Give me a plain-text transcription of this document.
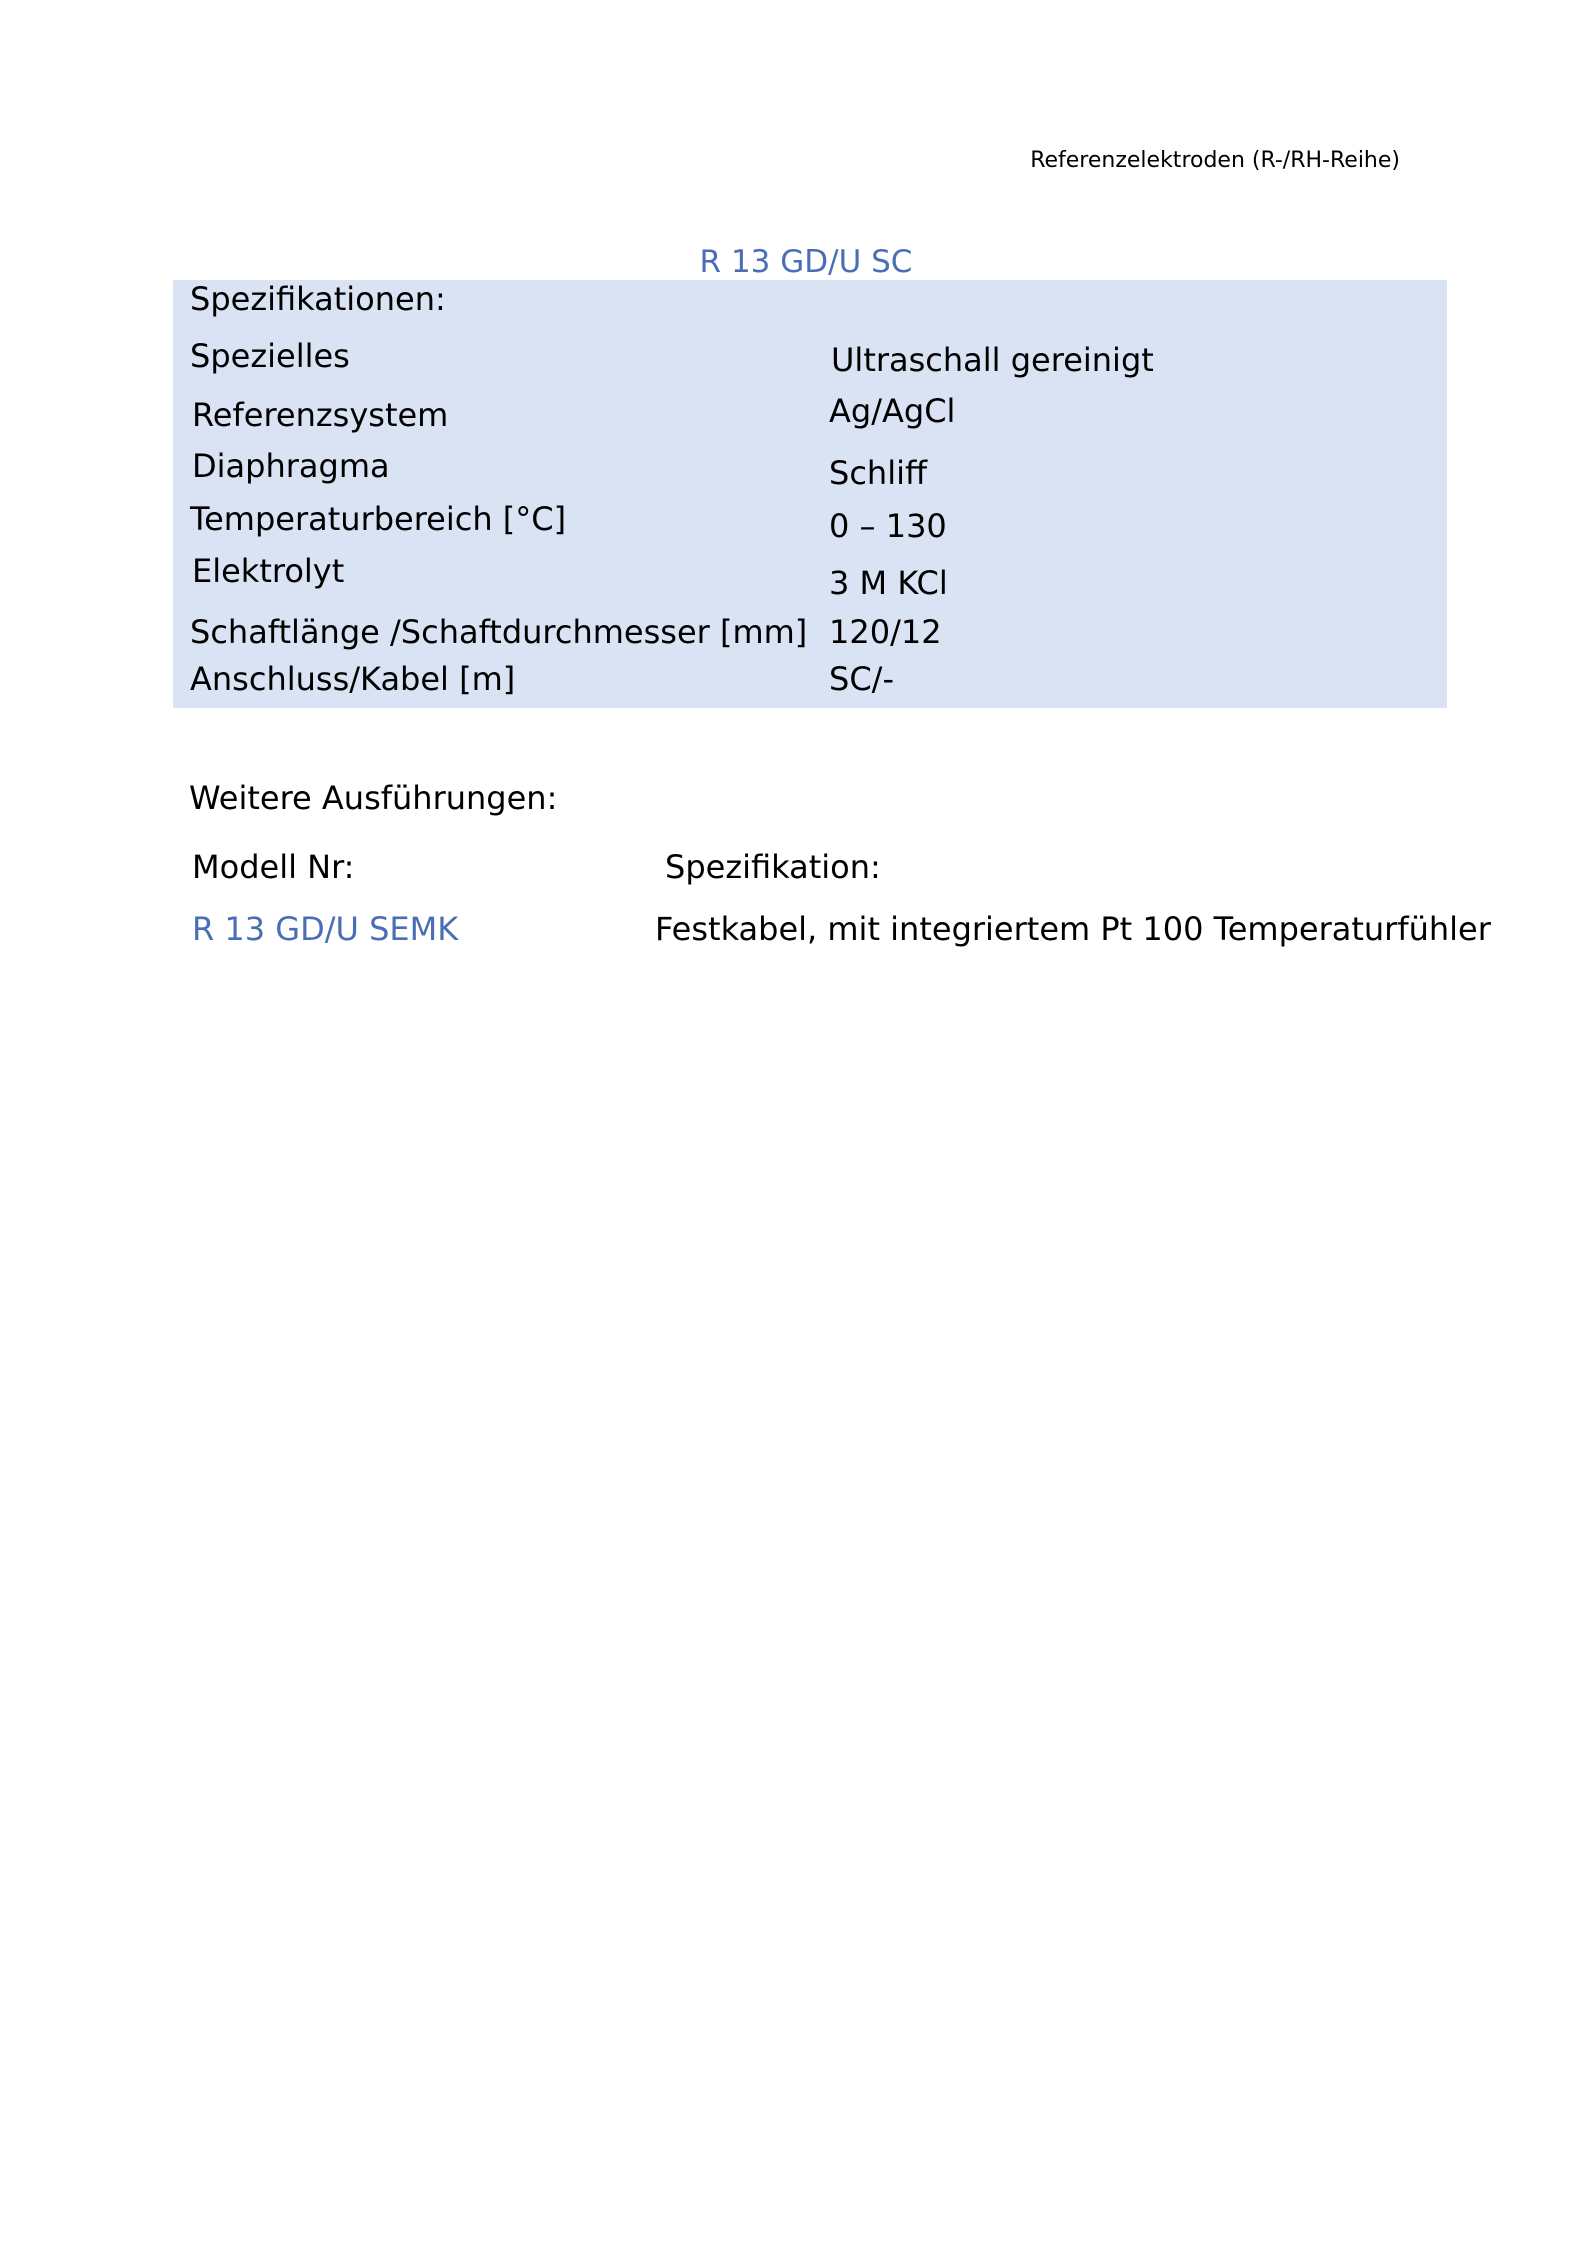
Referenzelektroden (R-/RH-Reihe)
R 13 GD/U SC
Spezifikationen:
Spezielles	Ultraschall gereinigt
Referenzsystem	Ag/AgCl
Diaphragma	Schliff
Temperaturbereich [°C]	0 – 130
Elektrolyt	3 M KCl
Schaftlänge /Schaftdurchmesser [mm] 120/12
Anschluss/Kabel [m]	SC/-
Weitere Ausführungen:
Modell Nr:	Spezifikation:
R 13 GD/U SEMK	Festkabel, mit integriertem Pt 100 Temperaturfühler
